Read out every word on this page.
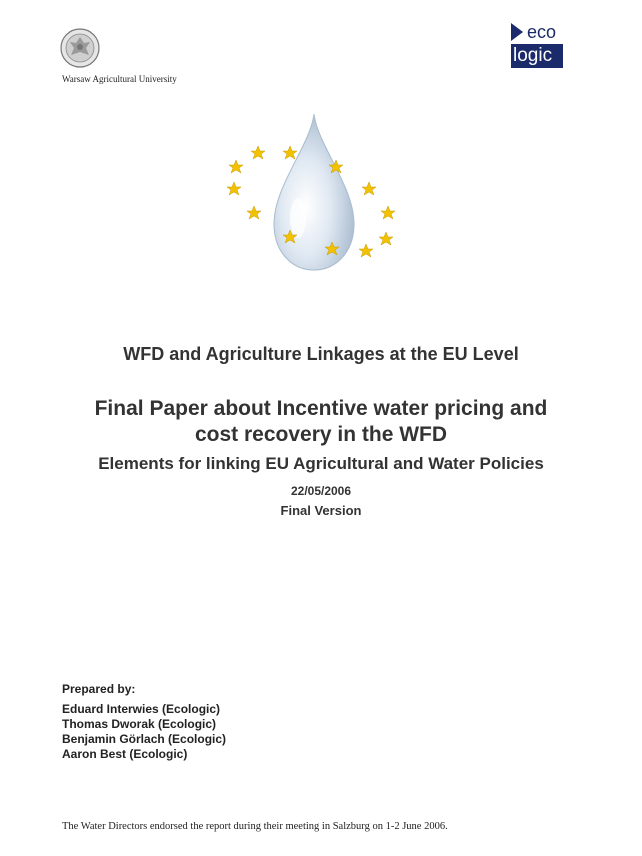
Warsaw Agricultural University
eco
logic
WFD and Agriculture Linkages at the EU Level
Final Paper about Incentive water pricing and
cost recovery in the WFD
Elements for linking EU Agricultural and Water Policies
22/05/2006
Final Version
Prepared by:
Eduard Interwies (Ecologic)
Thomas Dworak (Ecologic)
Benjamin Görlach (Ecologic)
Aaron Best (Ecologic)
The Water Directors endorsed the report during their meeting in Salzburg on 1-2 June 2006.
